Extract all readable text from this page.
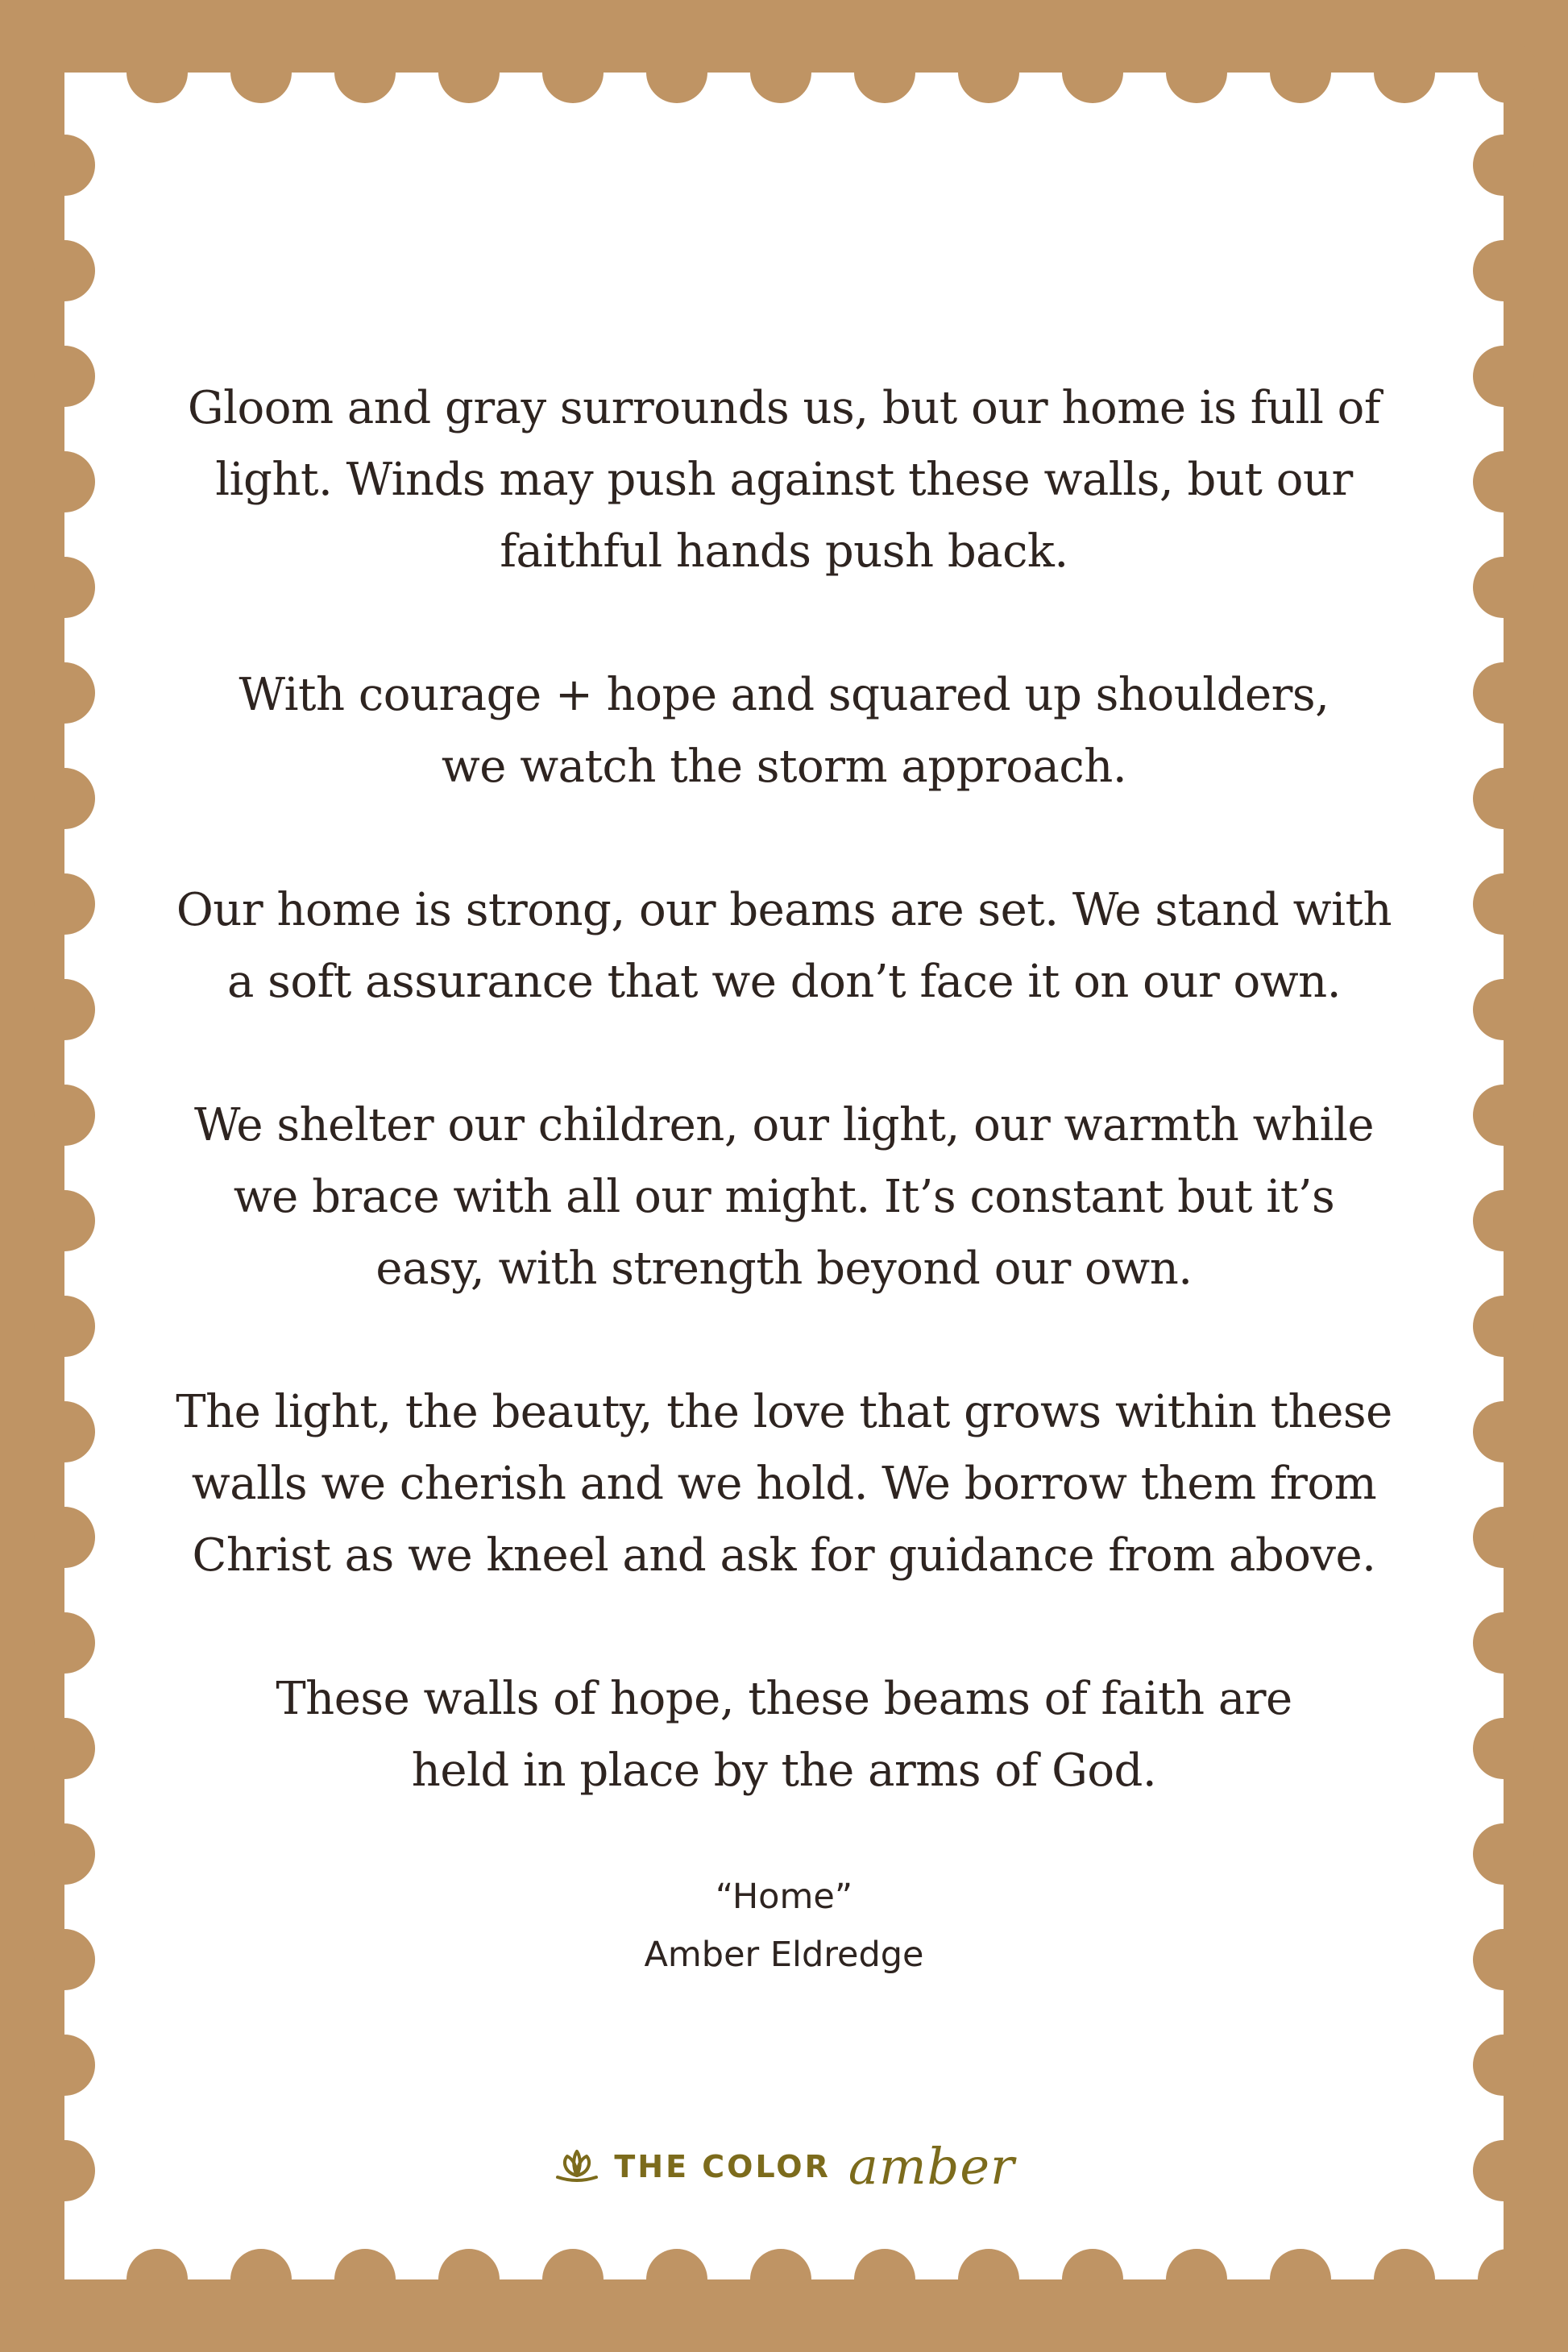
Gloom and gray surrounds us, but our home is full of
light. Winds may push against these walls, but our
faithful hands push back.
With courage + hope and squared up shoulders,
we watch the storm approach.
Our home is strong, our beams are set. We stand with
a soft assurance that we don’t face it on our own.
We shelter our children, our light, our warmth while
we brace with all our might. It’s constant but it’s
easy, with strength beyond our own.
The light, the beauty, the love that grows within these
walls we cherish and we hold. We borrow them from
Christ as we kneel and ask for guidance from above.
These walls of hope, these beams of faith are
held in place by the arms of God.
“Home”
Amber Eldredge
THE COLOR amber
